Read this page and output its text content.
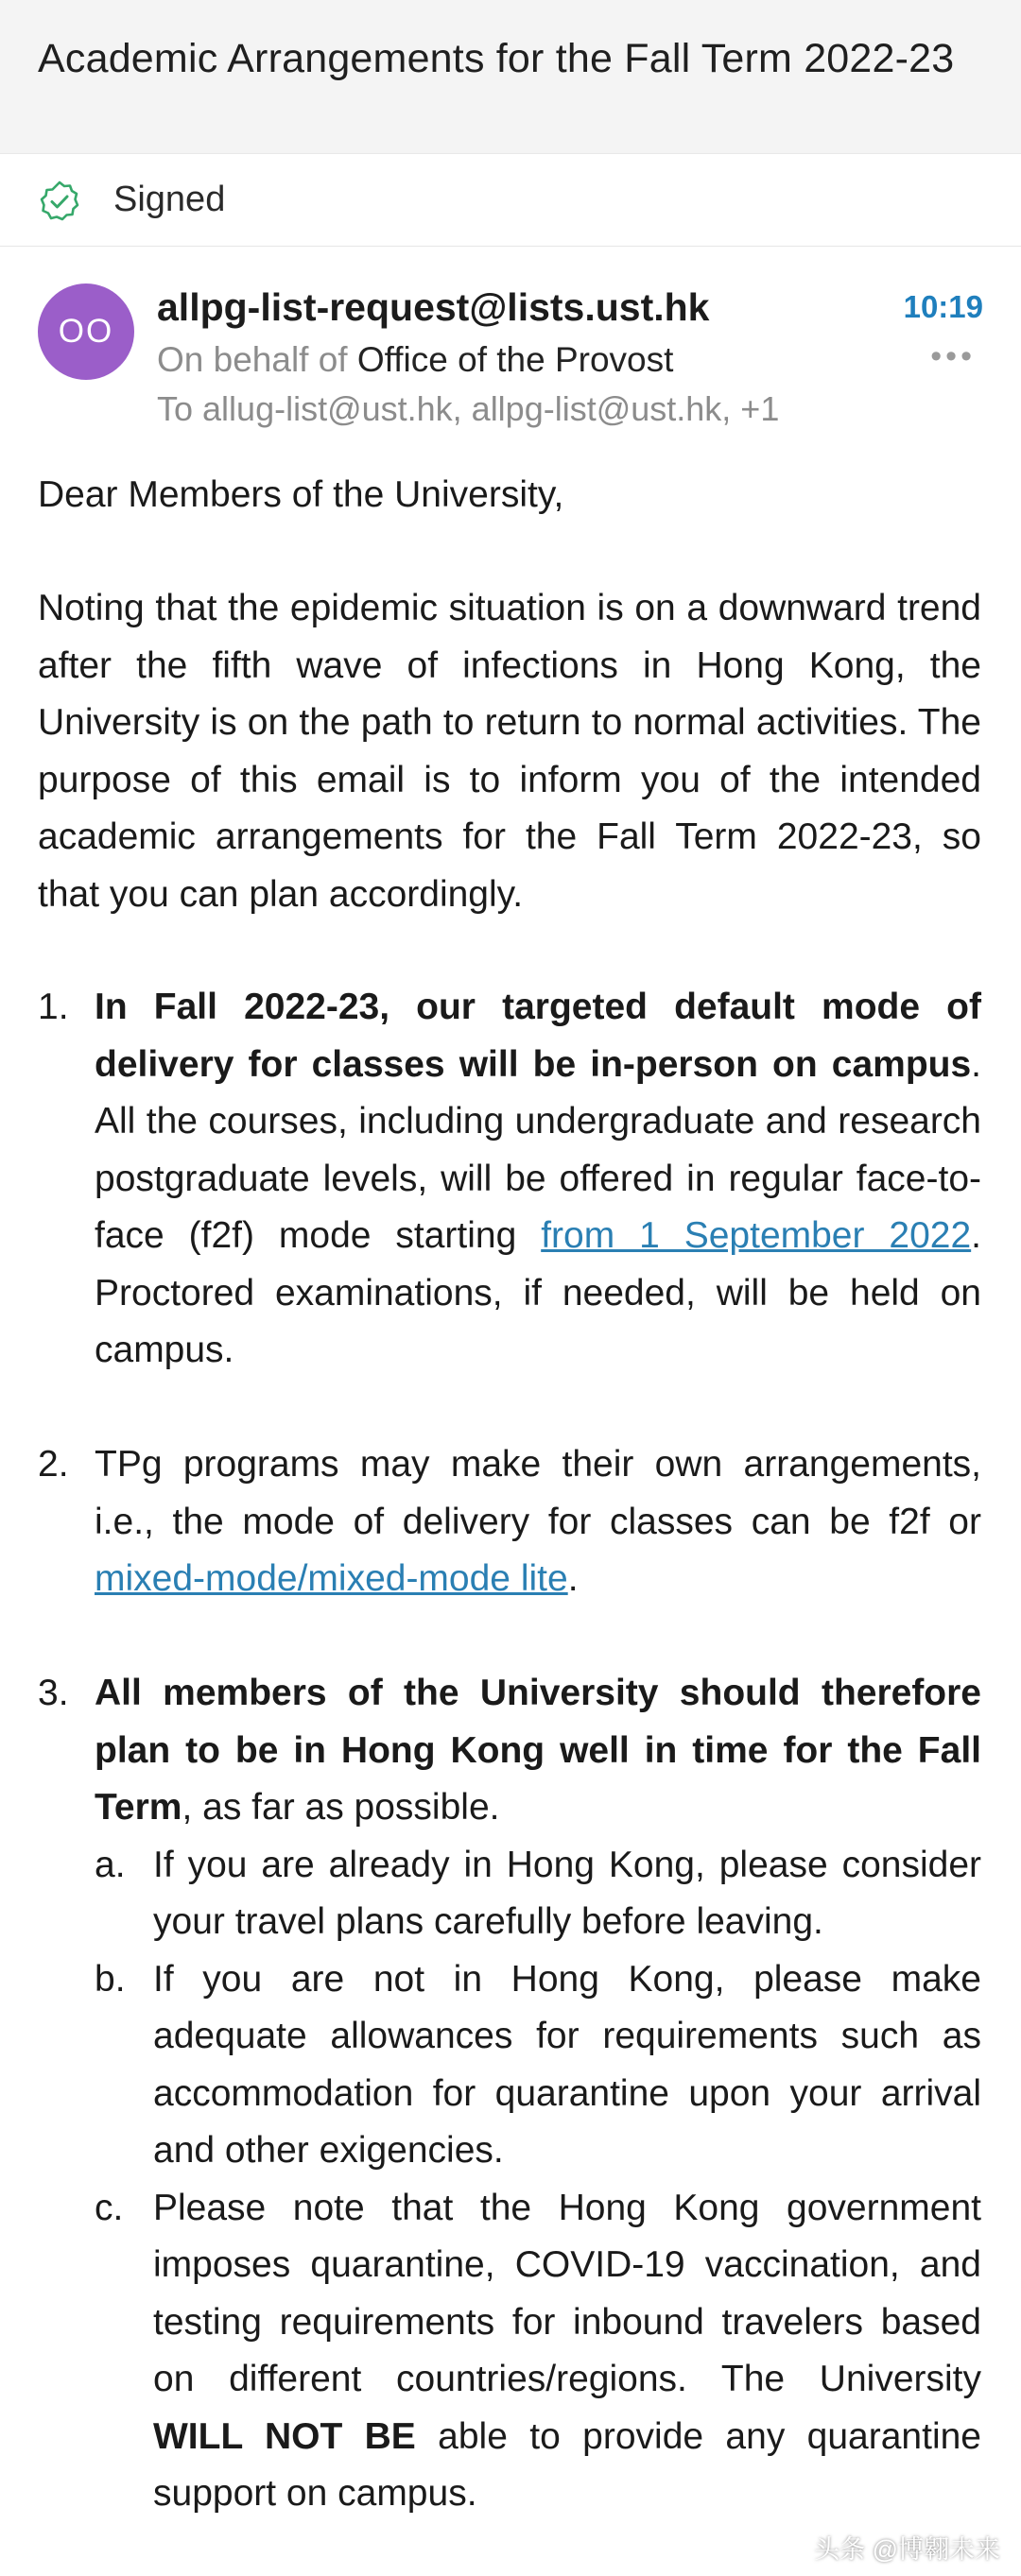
Academic Arrangements for the Fall Term 2022-23
Signed
OO
allpg-list-request@lists.ust.hk	10:19
On behalf of Office of the Provost	•••
To allug-list@ust.hk, allpg-list@ust.hk, +1
Dear Members of the University,
Noting that the epidemic situation is on a downward trend after the fifth wave of infections in Hong Kong, the University is on the path to return to normal activities. The purpose of this email is to inform you of the intended academic arrangements for the Fall Term 2022-23, so that you can plan accordingly.
1. In Fall 2022-23, our targeted default mode of delivery for classes will be in-person on campus. All the courses, including undergraduate and research postgraduate levels, will be offered in regular face-to-face (f2f) mode starting from 1 September 2022. Proctored examinations, if needed, will be held on campus.
2. TPg programs may make their own arrangements, i.e., the mode of delivery for classes can be f2f or mixed-mode/mixed-mode lite.
3. All members of the University should therefore plan to be in Hong Kong well in time for the Fall Term, as far as possible.
a. If you are already in Hong Kong, please consider your travel plans carefully before leaving.
b. If you are not in Hong Kong, please make adequate allowances for requirements such as accommodation for quarantine upon your arrival and other exigencies.
c. Please note that the Hong Kong government imposes quarantine, COVID-19 vaccination, and testing requirements for inbound travelers based on different countries/regions. The University WILL NOT BE able to provide any quarantine support on campus.
头条 @博翱未来
